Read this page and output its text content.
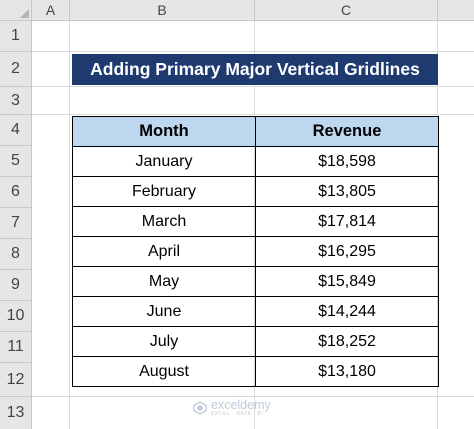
A	B	C
1
2
3
4
5
6
7
8
9
10
11
12
13
Adding Primary Major Vertical Gridlines
Month	Revenue
January	$18,598
February	$13,805
March	$17,814
April	$16,295
May	$15,849
June	$14,244
July	$18,252
August	$13,180
exceldemy
EXCEL · DATA · BI
